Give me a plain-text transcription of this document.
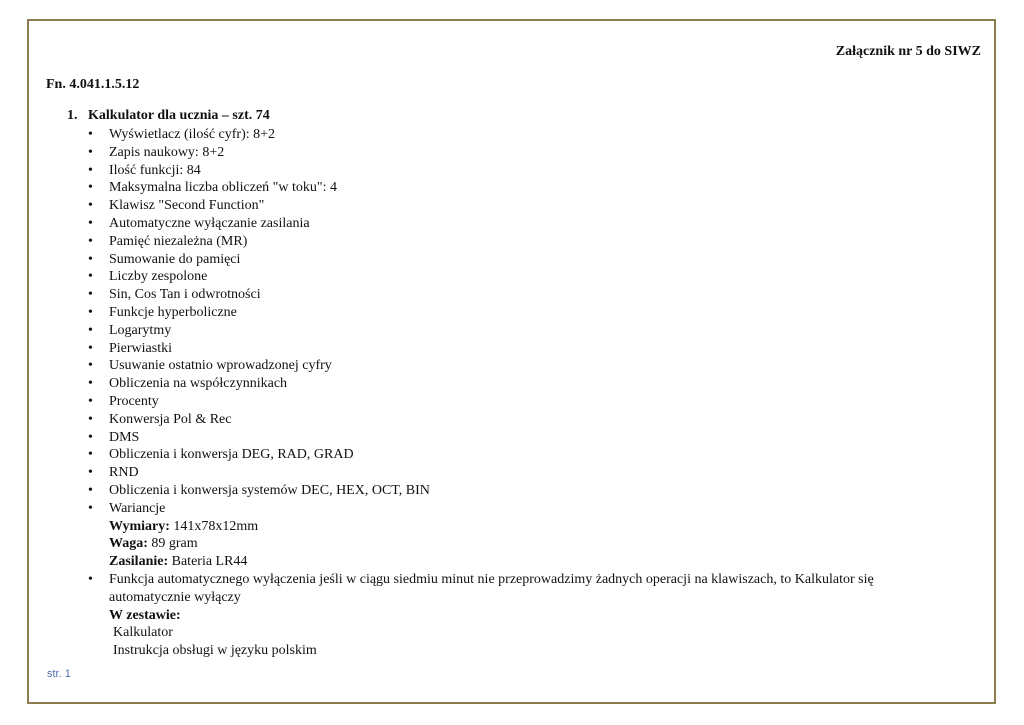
Załącznik nr 5 do SIWZ
Fn. 4.041.1.5.12
1. Kalkulator dla ucznia – szt. 74
• Wyświetlacz (ilość cyfr): 8+2
• Zapis naukowy: 8+2
• Ilość funkcji: 84
• Maksymalna liczba obliczeń "w toku": 4
• Klawisz "Second Function"
• Automatyczne wyłączanie zasilania
• Pamięć niezależna (MR)
• Sumowanie do pamięci
• Liczby zespolone
• Sin, Cos Tan i odwrotności
• Funkcje hyperboliczne
• Logarytmy
• Pierwiastki
• Usuwanie ostatnio wprowadzonej cyfry
• Obliczenia na współczynnikach
• Procenty
• Konwersja Pol & Rec
• DMS
• Obliczenia i konwersja DEG, RAD, GRAD
• RND
• Obliczenia i konwersja systemów DEC, HEX, OCT, BIN
• Wariancje
Wymiary: 141x78x12mm
Waga: 89 gram
Zasilanie: Bateria LR44
• Funkcja automatycznego wyłączenia jeśli w ciągu siedmiu minut nie przeprowadzimy żadnych operacji na klawiszach, to Kalkulator się automatycznie wyłączy
W zestawie:
Kalkulator
Instrukcja obsługi w języku polskim
str. 1
